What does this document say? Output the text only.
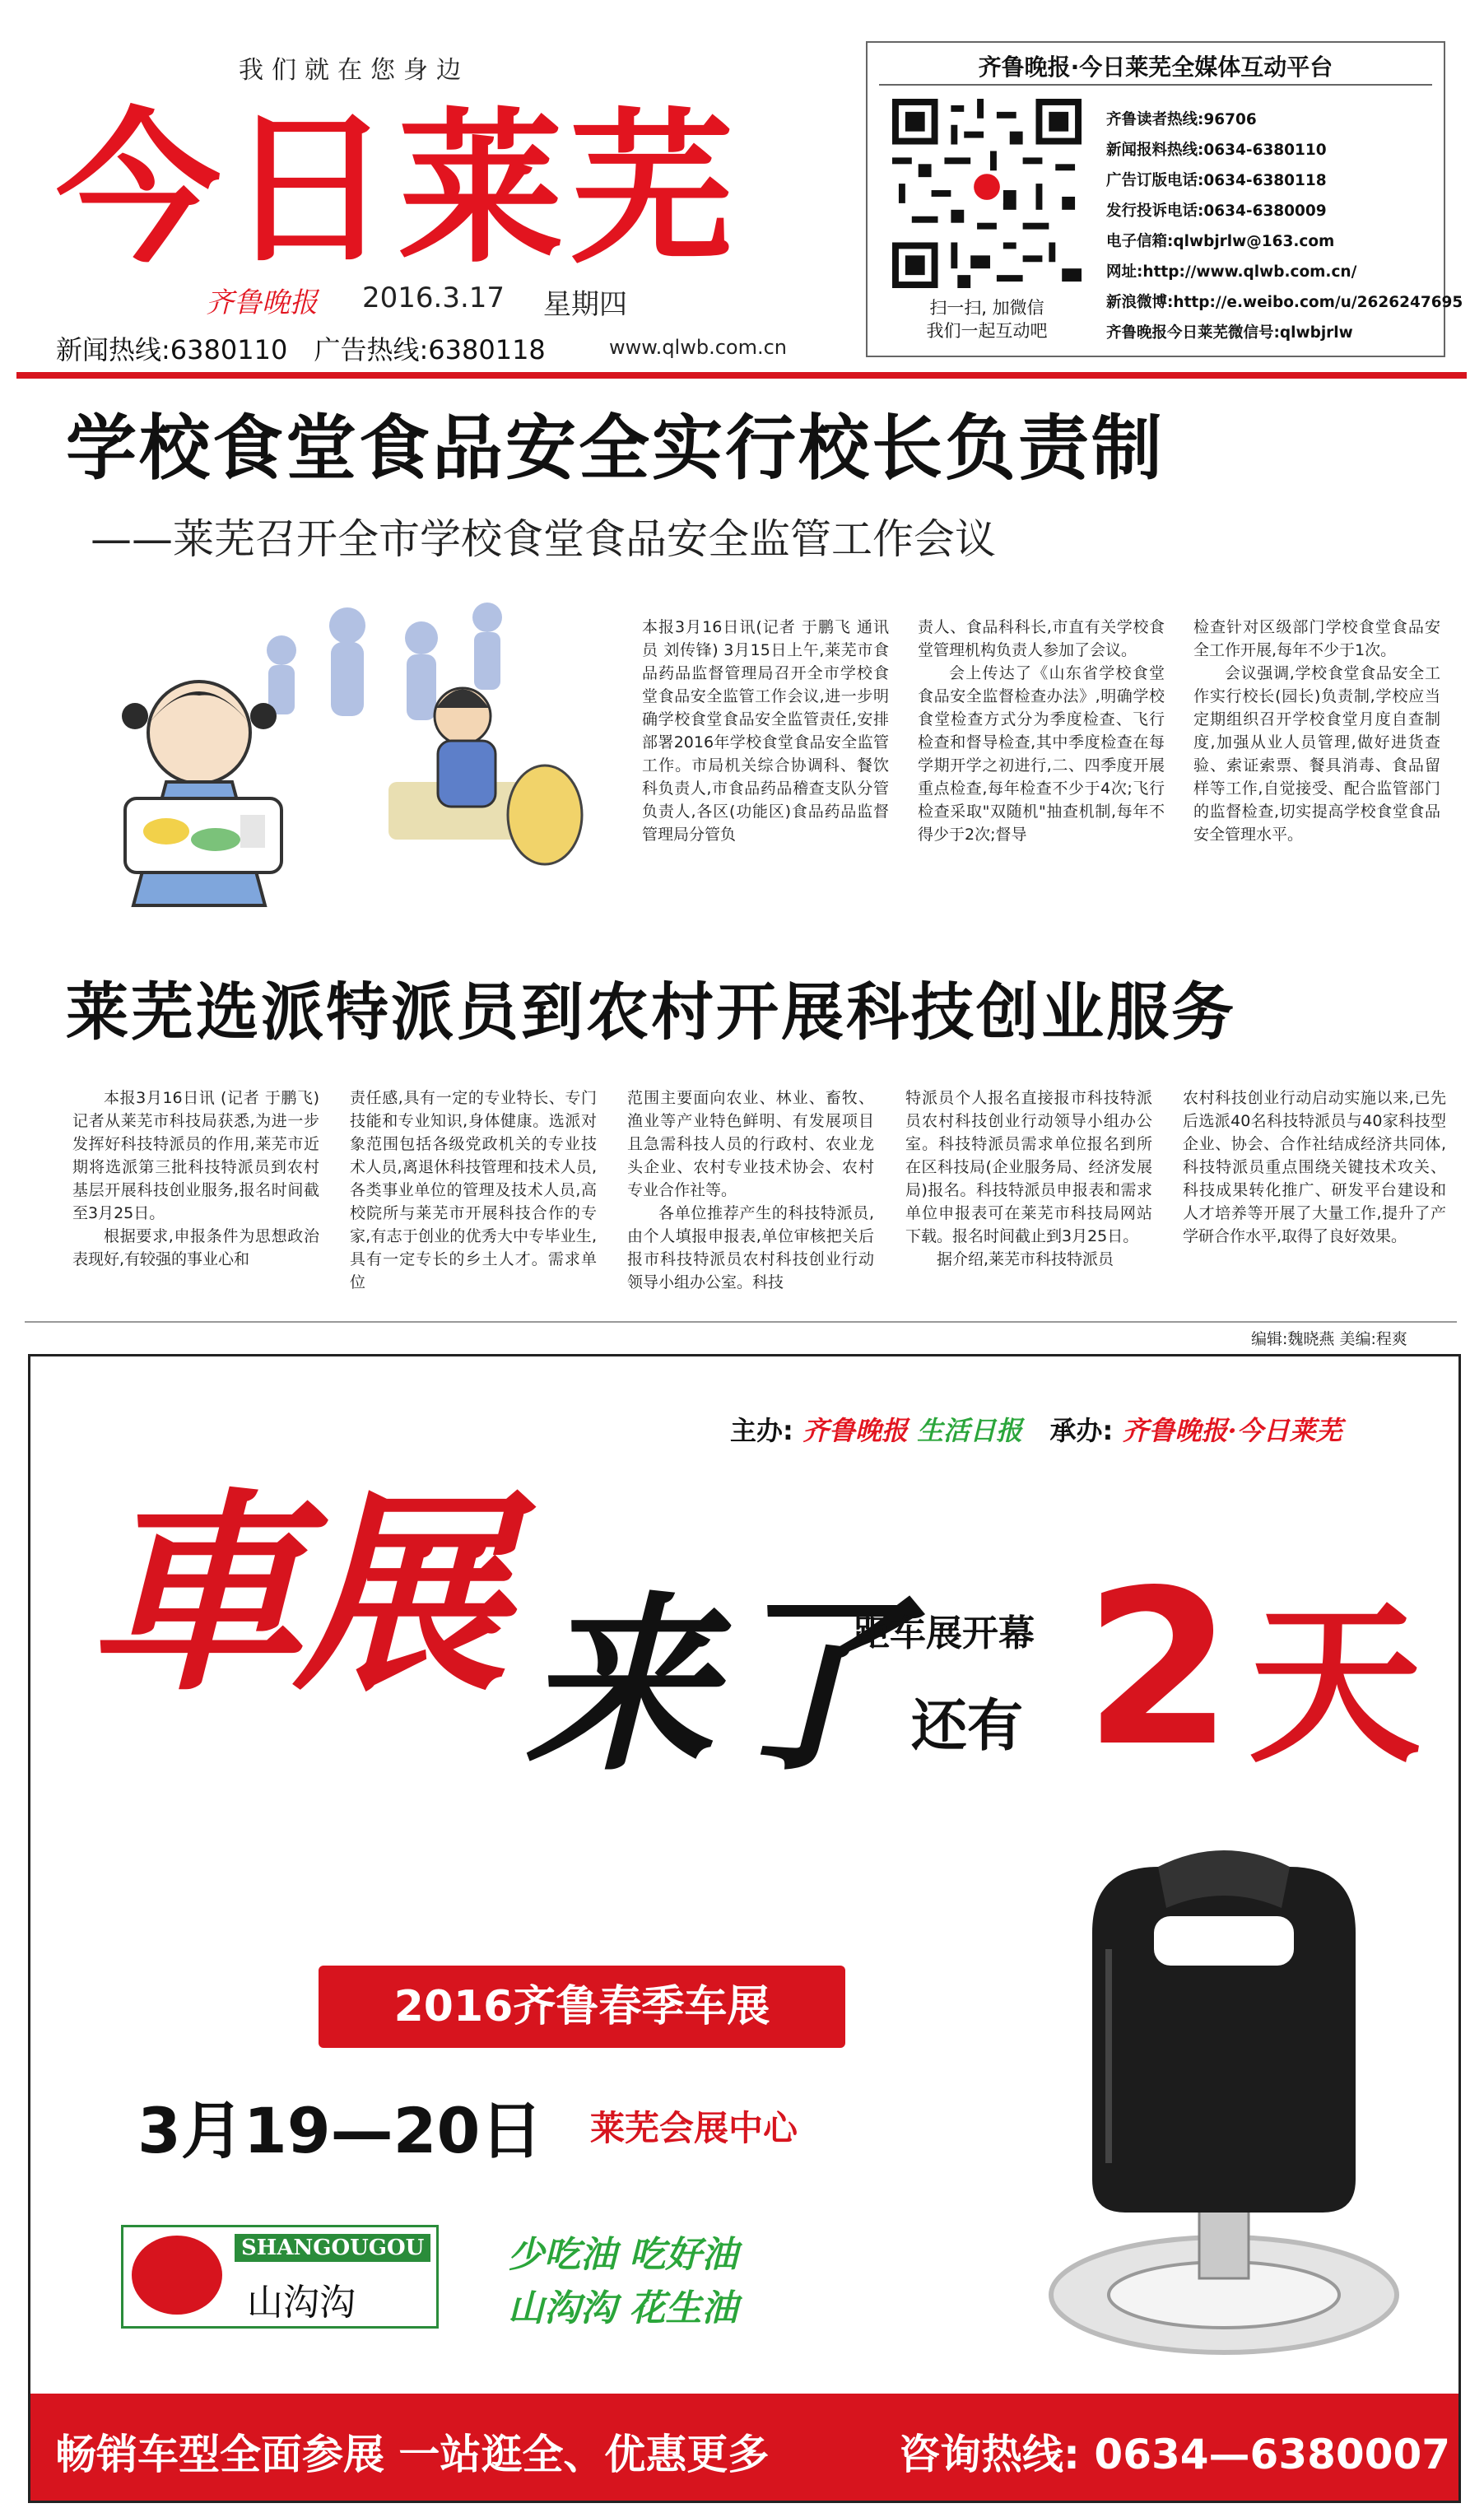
我们就在您身边
今日莱芜
齐鲁晚报 2016.3.17 星期四
新闻热线:6380110 广告热线:6380118	www.qlwb.com.cn
齐鲁晚报·今日莱芜全媒体互动平台
扫一扫, 加微信
我们一起互动吧
齐鲁读者热线:96706
新闻报料热线:0634-6380110
广告订版电话:0634-6380118
发行投诉电话:0634-6380009
电子信箱:qlwbjrlw@163.com
网址:http://www.qlwb.com.cn/
新浪微博:http://e.weibo.com/u/2626247695
齐鲁晚报今日莱芜微信号:qlwbjrlw
学校食堂食品安全实行校长负责制
——莱芜召开全市学校食堂食品安全监管工作会议

本报3月16日讯(记者 于鹏飞 通讯员 刘传锋) 3月15日上午,莱芜市食品药品监督管理局召开全市学校食堂食品安全监管工作会议,进一步明确学校食堂食品安全监管责任,安排部署2016年学校食堂食品安全监管工作。市局机关综合协调科、餐饮科负责人,市食品药品稽查支队分管负责人,各区(功能区)食品药品监督管理局分管负

责人、食品科科长,市直有关学校食堂管理机构负责人参加了会议。

会上传达了《山东省学校食堂食品安全监督检查办法》,明确学校食堂检查方式分为季度检查、飞行检查和督导检查,其中季度检查在每学期开学之初进行,二、四季度开展重点检查,每年检查不少于4次;飞行检查采取"双随机"抽查机制,每年不得少于2次;督导

检查针对区级部门学校食堂食品安全工作开展,每年不少于1次。

会议强调,学校食堂食品安全工作实行校长(园长)负责制,学校应当定期组织召开学校食堂月度自查制度,加强从业人员管理,做好进货查验、索证索票、餐具消毒、食品留样等工作,自觉接受、配合监管部门的监督检查,切实提高学校食堂食品安全管理水平。

莱芜选派特派员到农村开展科技创业服务

本报3月16日讯 (记者 于鹏飞) 记者从莱芜市科技局获悉,为进一步发挥好科技特派员的作用,莱芜市近期将选派第三批科技特派员到农村基层开展科技创业服务,报名时间截至3月25日。

根据要求,申报条件为思想政治表现好,有较强的事业心和

责任感,具有一定的专业特长、专门技能和专业知识,身体健康。选派对象范围包括各级党政机关的专业技术人员,离退休科技管理和技术人员,各类事业单位的管理及技术人员,高校院所与莱芜市开展科技合作的专家,有志于创业的优秀大中专毕业生,具有一定专长的乡土人才。需求单位

范围主要面向农业、林业、畜牧、渔业等产业特色鲜明、有发展项目且急需科技人员的行政村、农业龙头企业、农村专业技术协会、农村专业合作社等。

各单位推荐产生的科技特派员,由个人填报申报表,单位审核把关后报市科技特派员农村科技创业行动领导小组办公室。科技

特派员个人报名直接报市科技特派员农村科技创业行动领导小组办公室。科技特派员需求单位报名到所在区科技局(企业服务局、经济发展局)报名。科技特派员申报表和需求单位申报表可在莱芜市科技局网站下载。报名时间截止到3月25日。

据介绍,莱芜市科技特派员

农村科技创业行动启动实施以来,已先后选派40名科技特派员与40家科技型企业、协会、合作社结成经济共同体,科技特派员重点围绕关键技术攻关、科技成果转化推广、研发平台建设和人才培养等开展了大量工作,提升了产学研合作水平,取得了良好效果。

编辑:魏晓燕 美编:程爽
主办: 齐鲁晚报 生活日报 承办: 齐鲁晚报·今日莱芜
車展 来了
距车展开幕
还有 2 天
2016齐鲁春季车展
3月19—20日 莱芜会展中心
SHANGOUGOU
山沟沟
少吃油 吃好油
山沟沟 花生油
畅销车型全面参展 一站逛全、优惠更多	咨询热线: 0634—6380007
